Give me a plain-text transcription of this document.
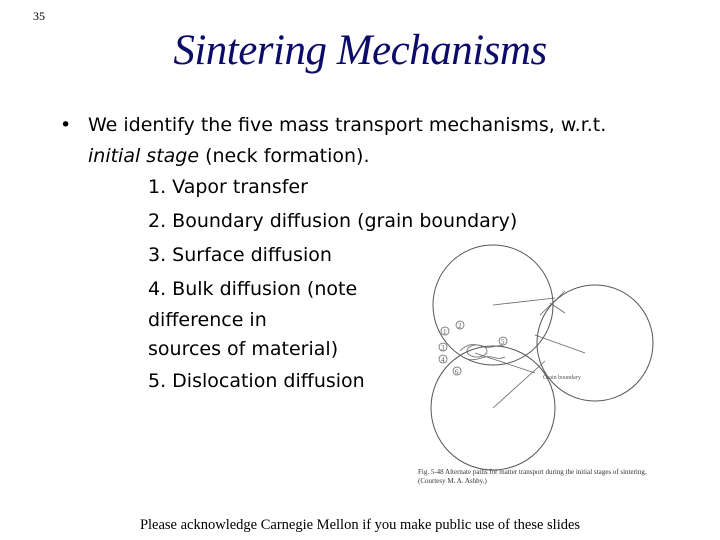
35
Sintering Mechanisms
• We identify the five mass transport mechanisms, w.r.t.
initial stage (neck formation).
1. Vapor transfer
2. Boundary diffusion (grain boundary)
3. Surface diffusion
4. Bulk diffusion (note
difference in
sources of material)
5. Dislocation diffusion
1
2
3
4
5
6
Grain boundary
Fig. 5-48 Alternate paths for matter transport during the initial stages of sintering.
(Courtesy M. A. Ashby.)
Please acknowledge Carnegie Mellon if you make public use of these slides
